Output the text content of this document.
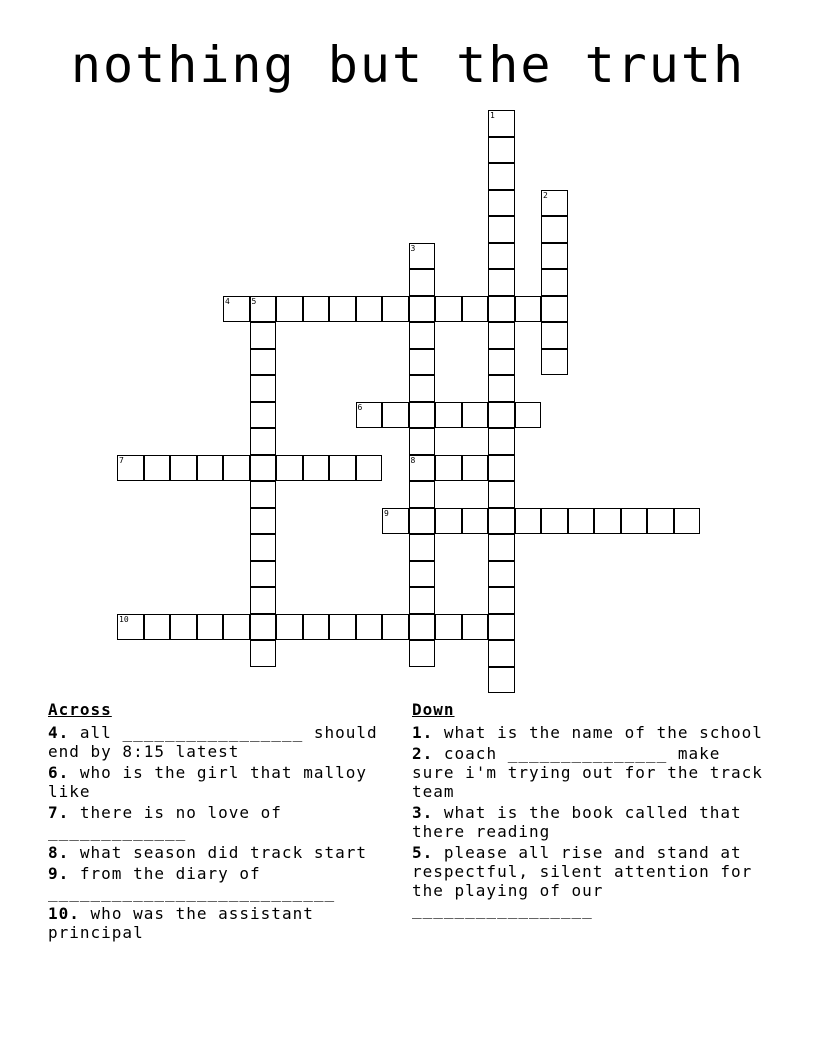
nothing but the truth
1
2
3
8
4	5
6
7
9
10
Across
4. all _________________ should end by 8:15 latest
6. who is the girl that malloy like
7. there is no love of _____________
8. what season did track start
9. from the diary of ___________________________
10. who was the assistant principal
Down
1. what is the name of the school
2. coach _______________ make sure i'm trying out for the track team
3. what is the book called that there reading
5. please all rise and stand at respectful, silent attention for the playing of our _________________
